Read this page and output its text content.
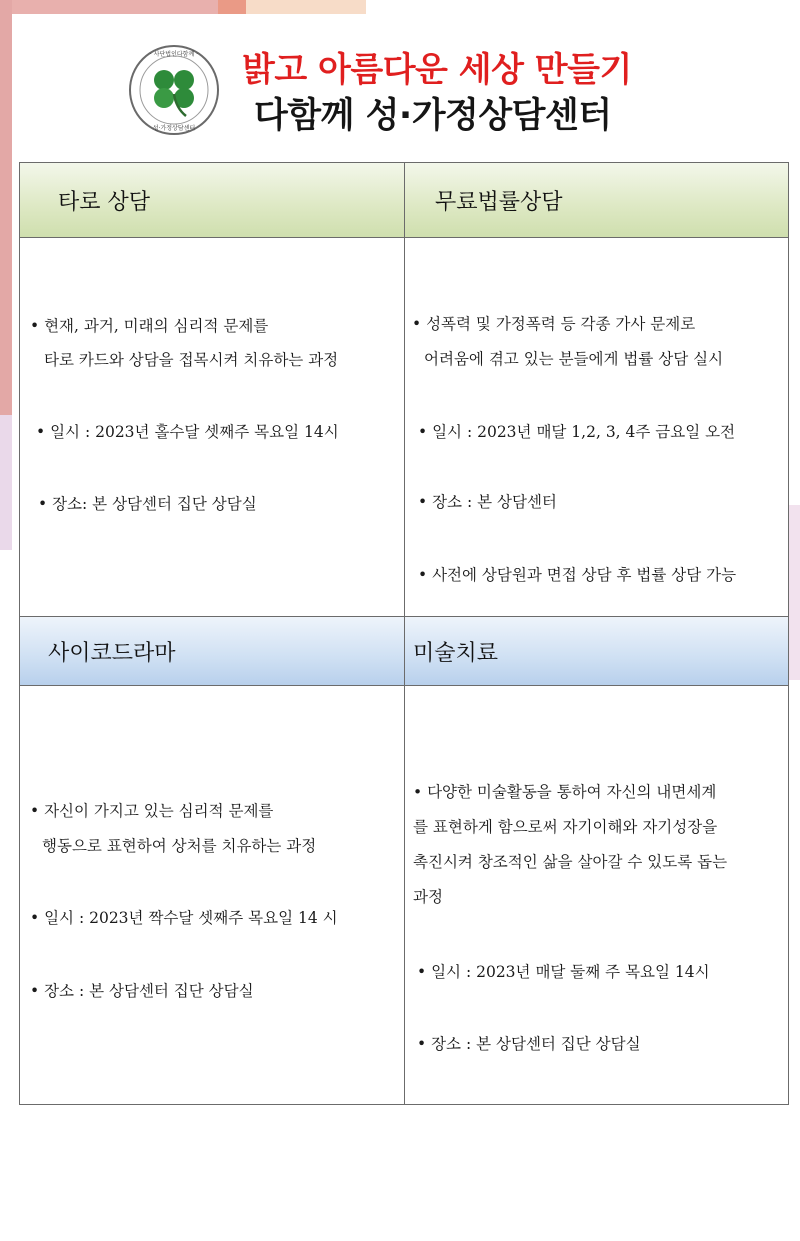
· 사단법인다함께 ·
성·가정상담센터
밝고 아름다운 세상 만들기
다함께 성·가정상담센터
타로 상담	무료법률상담
사이코드라마	미술치료
• 현재, 과거, 미래의 심리적 문제를
타로 카드와 상담을 접목시켜 치유하는 과정
• 일시 : 2023년 홀수달 셋째주 목요일 14시
• 장소: 본 상담센터 집단 상담실
• 성폭력 및 가정폭력 등 각종 가사 문제로
어려움에 겪고 있는 분들에게 법률 상담 실시
• 일시 : 2023년 매달 1,2, 3, 4주 금요일 오전
• 장소 : 본 상담센터
• 사전에 상담원과 면접 상담 후 법률 상담 가능
• 자신이 가지고 있는 심리적 문제를
행동으로 표현하여 상처를 치유하는 과정
• 일시 : 2023년 짝수달 셋째주 목요일 14 시
• 장소 : 본 상담센터 집단 상담실
• 다양한 미술활동을 통하여 자신의 내면세계
를 표현하게 함으로써 자기이해와 자기성장을
촉진시켜 창조적인 삶을 살아갈 수 있도록 돕는
과정
• 일시 : 2023년 매달 둘째 주 목요일 14시
• 장소 : 본 상담센터 집단 상담실
